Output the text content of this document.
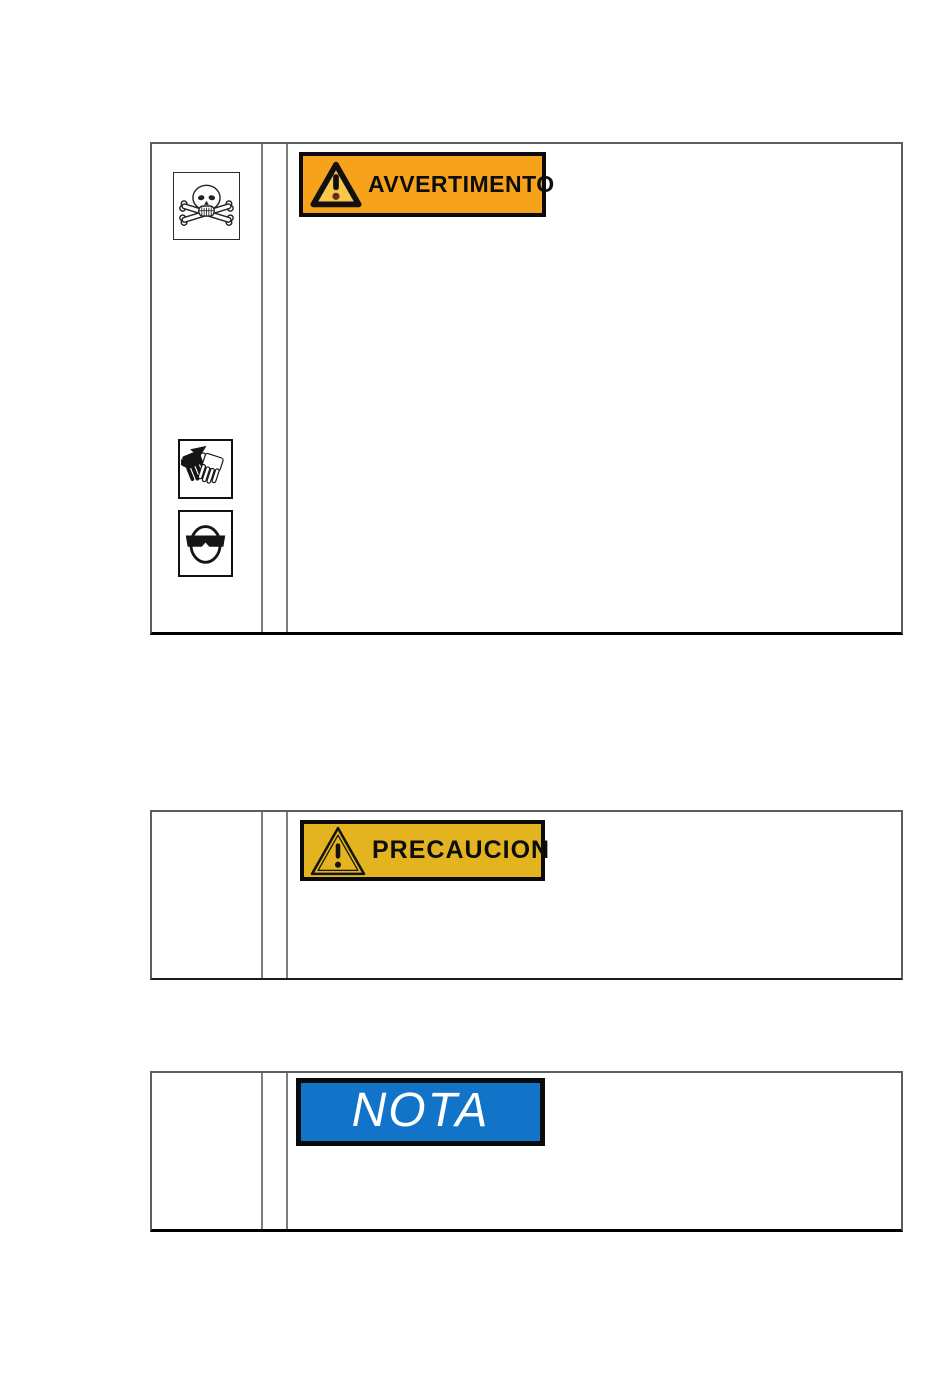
AVVERTIMENTO
PRECAUCION
NOTA
